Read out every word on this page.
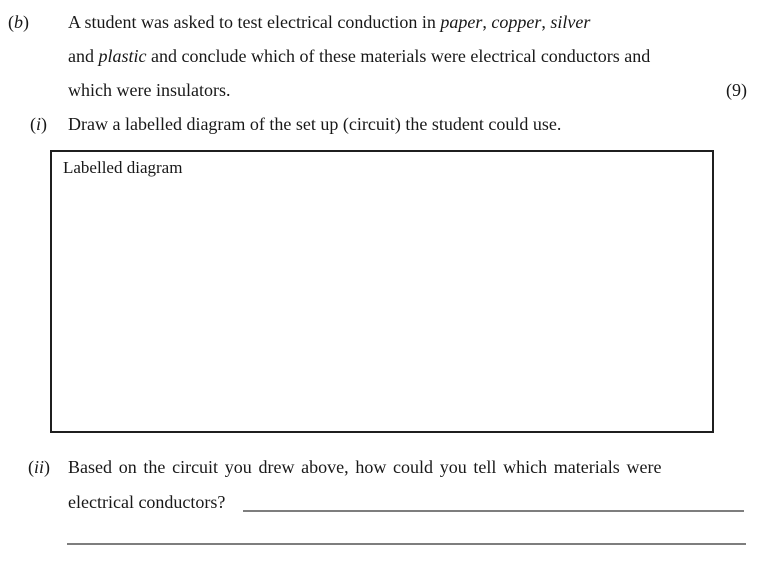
(b) A student was asked to test electrical conduction in paper, copper, silver
and plastic and conclude which of these materials were electrical conductors and
which were insulators.	(9)
(i) Draw a labelled diagram of the set up (circuit) the student could use.
Labelled diagram
(ii) Based on the circuit you drew above, how could you tell which materials were
electrical conductors?
